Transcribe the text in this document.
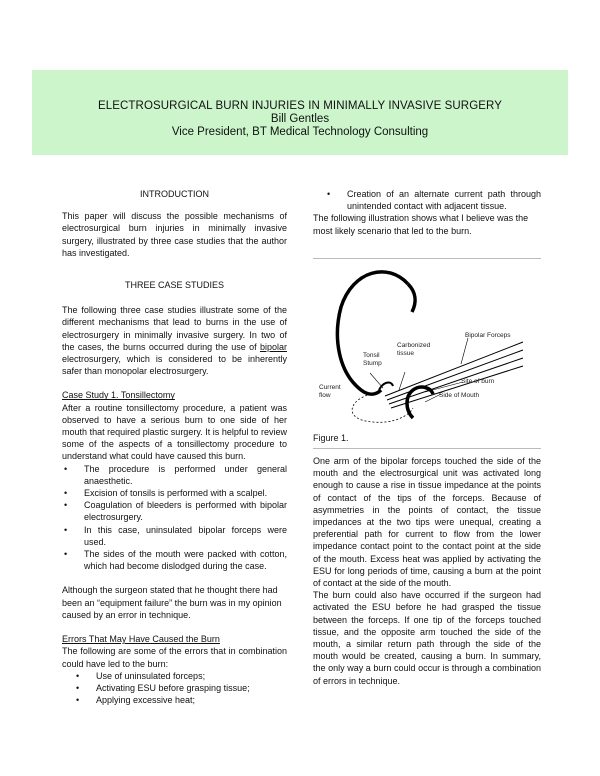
ELECTROSURGICAL BURN INJURIES IN MINIMALLY INVASIVE SURGERY
Bill Gentles
Vice President, BT Medical Technology Consulting

INTRODUCTION

This paper will discuss the possible mechanisms of electrosurgical burn injuries in minimally invasive surgery, illustrated by three case studies that the author has investigated.

THREE CASE STUDIES

The following three case studies illustrate some of the different mechanisms that lead to burns in the use of electrosurgery in minimally invasive surgery. In two of the cases, the burns occurred during the use of bipolar electrosurgery, which is considered to be inherently safer than monopolar electrosurgery.

Case Study 1. Tonsillectomy

After a routine tonsillectomy procedure, a patient was observed to have a serious burn to one side of her mouth that required plastic surgery. It is helpful to review some of the aspects of a tonsillectomy procedure to understand what could have caused this burn.

• The procedure is performed under general anaesthetic.
• Excision of tonsils is performed with a scalpel.
• Coagulation of bleeders is performed with bipolar electrosurgery.
• In this case, uninsulated bipolar forceps were used.
• The sides of the mouth were packed with cotton, which had become dislodged during the case.

Although the surgeon stated that he thought there had been an “equipment failure” the burn was in my opinion caused by an error in technique.

Errors That May Have Caused the Burn

The following are some of the errors that in combination could have led to the burn:

• Use of uninsulated forceps;
• Activating ESU before grasping tissue;
• Applying excessive heat;
• Creation of an alternate current path through unintended contact with adjacent tissue.

The following illustration shows what I believe was the most likely scenario that led to the burn.

Bipolar Forceps
Carbonized tissue
Tonsil Stump
Site of burn
Current flow	Side of Mouth
Figure 1.

One arm of the bipolar forceps touched the side of the mouth and the electrosurgical unit was activated long enough to cause a rise in tissue impedance at the points of contact of the tips of the forceps. Because of asymmetries in the points of contact, the tissue impedances at the two tips were unequal, creating a preferential path for current to flow from the lower impedance contact point to the contact point at the side of the mouth. Excess heat was applied by activating the ESU for long periods of time, causing a burn at the point of contact at the side of the mouth.

The burn could also have occurred if the surgeon had activated the ESU before he had grasped the tissue between the forceps. If one tip of the forceps touched tissue, and the opposite arm touched the side of the mouth, a similar return path through the side of the mouth would be created, causing a burn. In summary, the only way a burn could occur is through a combination of errors in technique.
